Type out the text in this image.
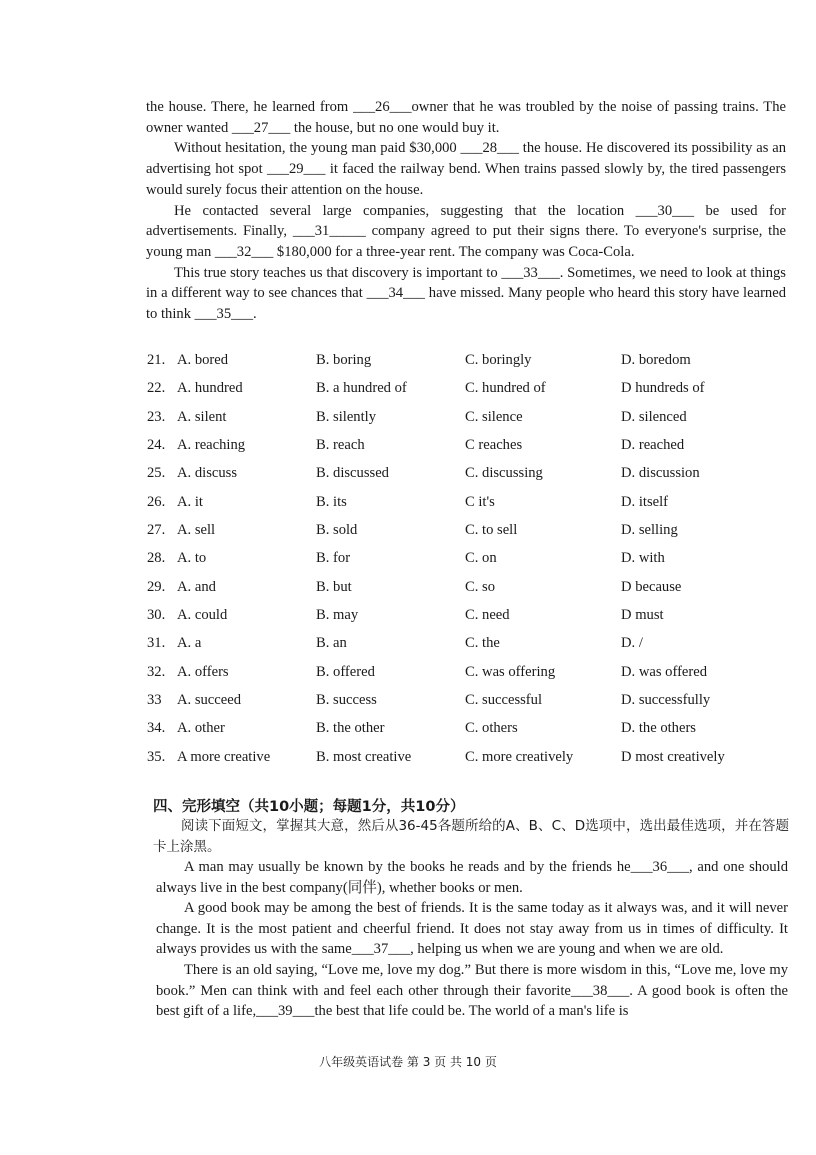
the house. There, he learned from ___26___owner that he was troubled by the noise of passing trains. The owner wanted ___27___ the house, but no one would buy it.

Without hesitation, the young man paid $30,000 ___28___ the house. He discovered its possibility as an advertising hot spot ___29___ it faced the railway bend. When trains passed slowly by, the tired passengers would surely focus their attention on the house.

He contacted several large companies, suggesting that the location ___30___ be used for advertisements. Finally, ___31_____ company agreed to put their signs there. To everyone's surprise, the young man ___32___ $180,000 for a three-year rent. The company was Coca-Cola.

This true story teaches us that discovery is important to ___33___. Sometimes, we need to look at things in a different way to see chances that ___34___ have missed. Many people who heard this story have learned to think ___35___.

21. A. bored	B. boring	C. boringly	D. boredom
22. A. hundred	B. a hundred of	C. hundred of	D hundreds of
23. A. silent	B. silently	C. silence	D. silenced
24. A. reaching	B. reach	C reaches	D. reached
25. A. discuss	B. discussed	C. discussing	D. discussion
26. A. it	B. its	C it's	D. itself
27. A. sell	B. sold	C. to sell	D. selling
28. A. to	B. for	C. on	D. with
29. A. and	B. but	C. so	D because
30. A. could	B. may	C. need	D must
31. A. a	B. an	C. the	D. /
32. A. offers	B. offered	C. was offering	D. was offered
33 A. succeed	B. success	C. successful	D. successfully
34. A. other	B. the other	C. others	D. the others
35. A more creative	B. most creative	C. more creatively	D most creatively
四、完形填空（共10小题；每题1分，共10分）
阅读下面短文，掌握其大意，然后从36-45各题所给的A、B、C、D选项中，选出最佳选项，并在答题卡上涂黑。

A man may usually be known by the books he reads and by the friends he___36___, and one should always live in the best company(同伴), whether books or men.

A good book may be among the best of friends. It is the same today as it always was, and it will never change. It is the most patient and cheerful friend. It does not stay away from us in times of difficulty. It always provides us with the same___37___, helping us when we are young and when we are old.

There is an old saying, “Love me, love my dog.” But there is more wisdom in this, “Love me, love my book.” Men can think with and feel each other through their favorite___38___. A good book is often the best gift of a life,___39___the best that life could be. The world of a man's life is

八年级英语试卷 第 3 页 共 10 页
